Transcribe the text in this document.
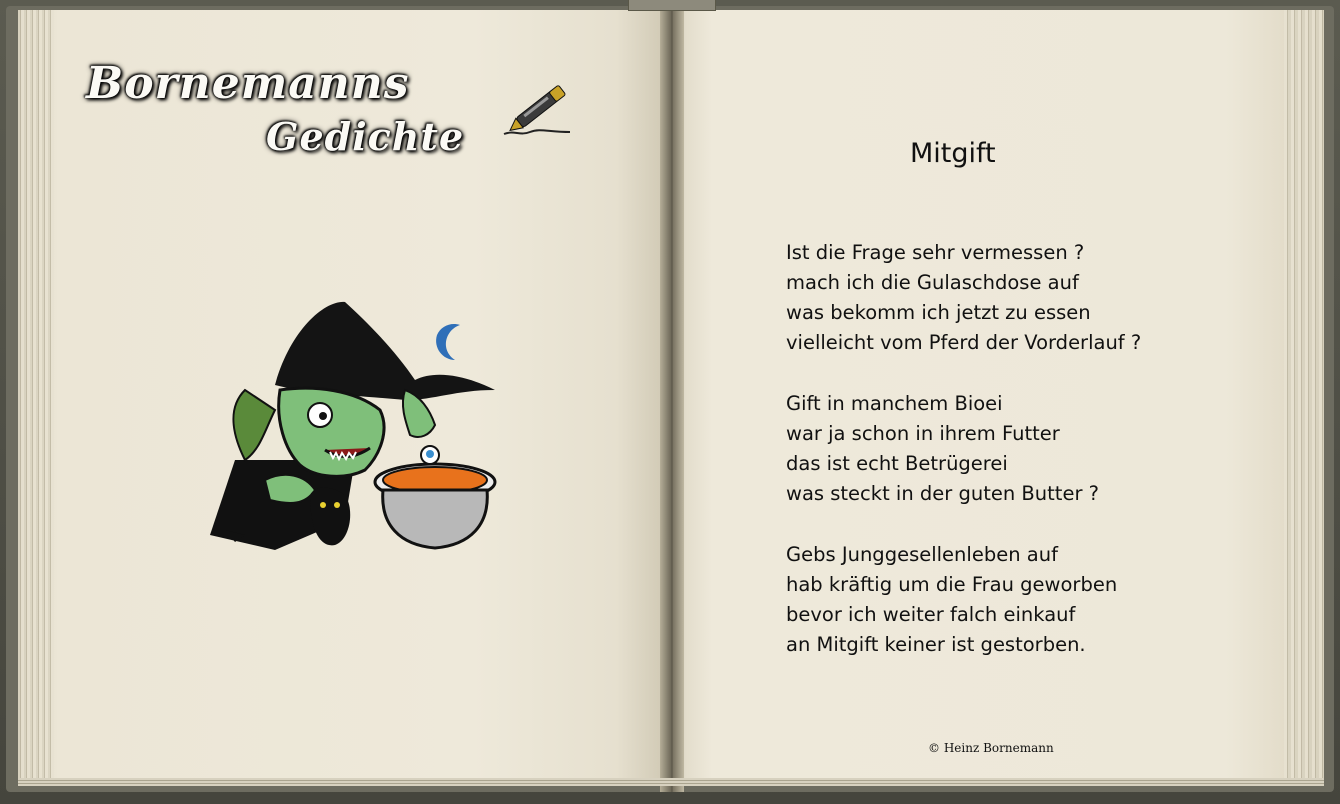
Bornemanns
Gedichte	Mitgift
Ist die Frage sehr vermessen ?
mach ich die Gulaschdose auf
was bekomm ich jetzt zu essen
vielleicht vom Pferd der Vorderlauf ?
Gift in manchem Bioei
war ja schon in ihrem Futter
das ist echt Betrügerei
was steckt in der guten Butter ?
Gebs Junggesellenleben auf
hab kräftig um die Frau geworben
bevor ich weiter falch einkauf
an Mitgift keiner ist gestorben.
© Heinz Bornemann
